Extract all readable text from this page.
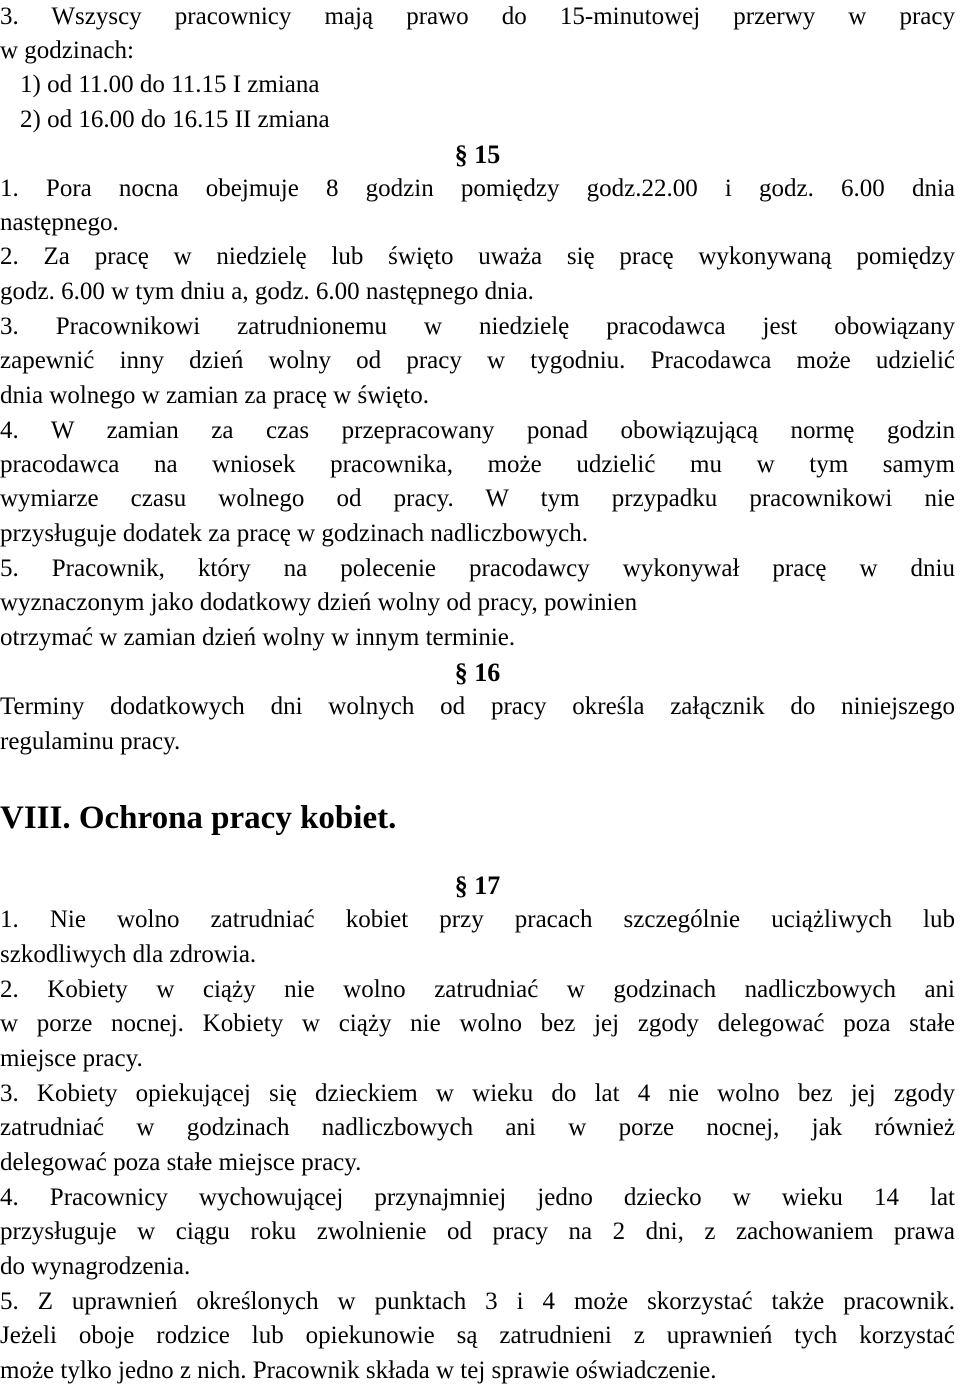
3. Wszyscy pracownicy mają prawo do 15-minutowej przerwy w pracy
w godzinach:
1) od 11.00 do 11.15 I zmiana
2) od 16.00 do 16.15 II zmiana
§ 15
1. Pora nocna obejmuje 8 godzin pomiędzy godz.22.00 i godz. 6.00 dnia
następnego.
2. Za pracę w niedzielę lub święto uważa się pracę wykonywaną pomiędzy
godz. 6.00 w tym dniu a, godz. 6.00 następnego dnia.
3. Pracownikowi zatrudnionemu w niedzielę pracodawca jest obowiązany
zapewnić inny dzień wolny od pracy w tygodniu. Pracodawca może udzielić
dnia wolnego w zamian za pracę w święto.
4. W zamian za czas przepracowany ponad obowiązującą normę godzin
pracodawca na wniosek pracownika, może udzielić mu w tym samym
wymiarze czasu wolnego od pracy. W tym przypadku pracownikowi nie
przysługuje dodatek za pracę w godzinach nadliczbowych.
5. Pracownik, który na polecenie pracodawcy wykonywał pracę w dniu
wyznaczonym jako dodatkowy dzień wolny od pracy, powinien
otrzymać w zamian dzień wolny w innym terminie.
§ 16
Terminy dodatkowych dni wolnych od pracy określa załącznik do niniejszego
regulaminu pracy.
VIII. Ochrona pracy kobiet.
§ 17
1. Nie wolno zatrudniać kobiet przy pracach szczególnie uciążliwych lub
szkodliwych dla zdrowia.
2. Kobiety w ciąży nie wolno zatrudniać w godzinach nadliczbowych ani
w porze nocnej. Kobiety w ciąży nie wolno bez jej zgody delegować poza stałe
miejsce pracy.
3. Kobiety opiekującej się dzieckiem w wieku do lat 4 nie wolno bez jej zgody
zatrudniać w godzinach nadliczbowych ani w porze nocnej, jak również
delegować poza stałe miejsce pracy.
4. Pracownicy wychowującej przynajmniej jedno dziecko w wieku 14 lat
przysługuje w ciągu roku zwolnienie od pracy na 2 dni, z zachowaniem prawa
do wynagrodzenia.
5. Z uprawnień określonych w punktach 3 i 4 może skorzystać także pracownik.
Jeżeli oboje rodzice lub opiekunowie są zatrudnieni z uprawnień tych korzystać
może tylko jedno z nich. Pracownik składa w tej sprawie oświadczenie.
